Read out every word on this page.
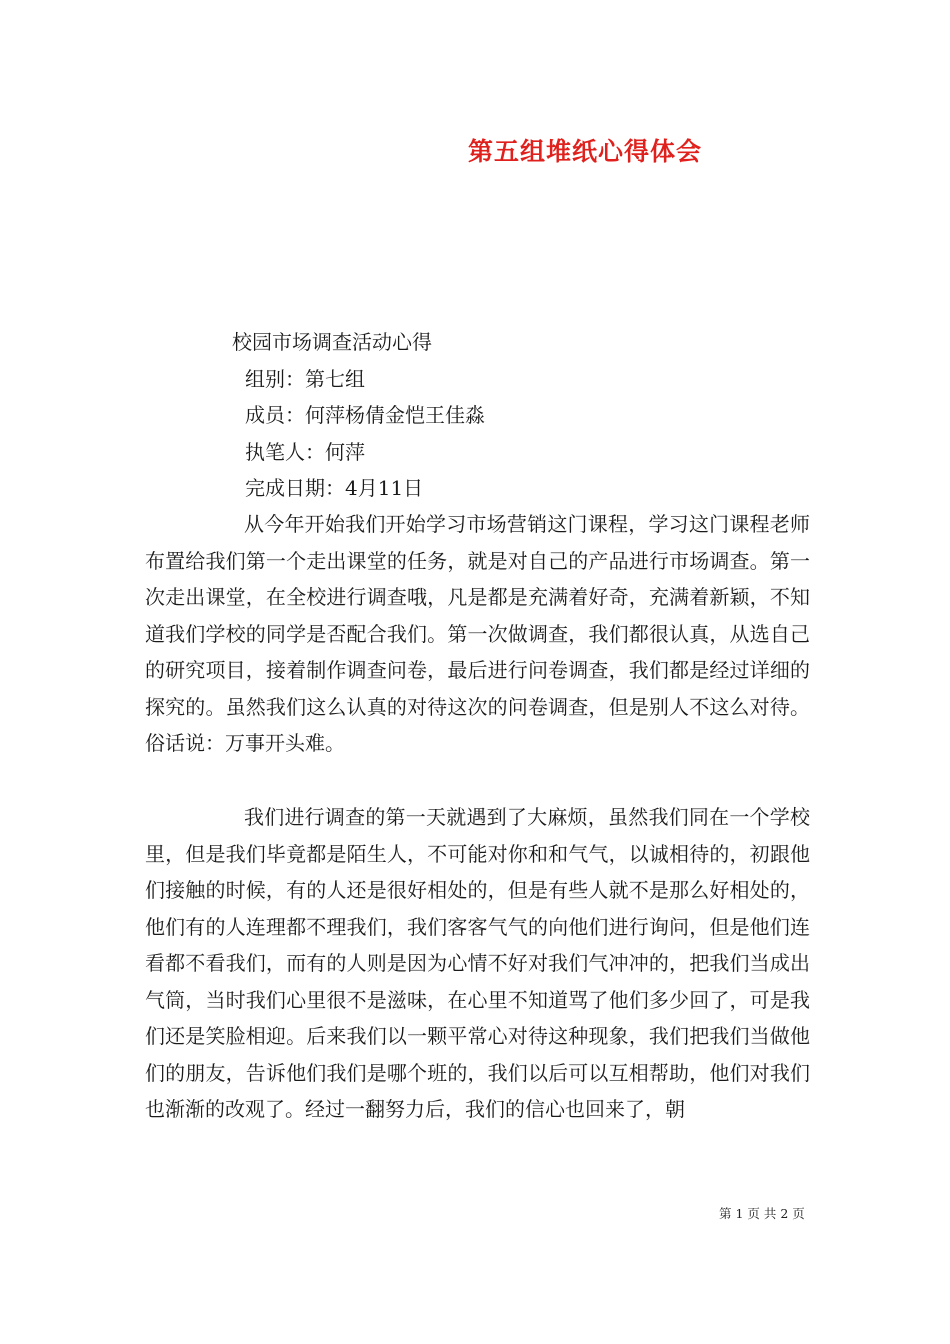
第五组堆纸心得体会
校园市场调查活动心得
组别：第七组
成员：何萍杨倩金恺王佳淼
执笔人：何萍
完成日期：4月11日

从今年开始我们开始学习市场营销这门课程，学习这门课程老师布置给我们第一个走出课堂的任务，就是对自己的产品进行市场调查。第一次走出课堂，在全校进行调查哦，凡是都是充满着好奇，充满着新颖，不知道我们学校的同学是否配合我们。第一次做调查，我们都很认真，从选自己的研究项目，接着制作调查问卷，最后进行问卷调查，我们都是经过详细的探究的。虽然我们这么认真的对待这次的问卷调查，但是别人不这么对待。俗话说：万事开头难。

我们进行调查的第一天就遇到了大麻烦，虽然我们同在一个学校里，但是我们毕竟都是陌生人，不可能对你和和气气，以诚相待的，初跟他们接触的时候，有的人还是很好相处的，但是有些人就不是那么好相处的，他们有的人连理都不理我们，我们客客气气的向他们进行询问，但是他们连看都不看我们，而有的人则是因为心情不好对我们气冲冲的，把我们当成出气筒，当时我们心里很不是滋味，在心里不知道骂了他们多少回了，可是我们还是笑脸相迎。后来我们以一颗平常心对待这种现象，我们把我们当做他们的朋友，告诉他们我们是哪个班的，我们以后可以互相帮助，他们对我们也渐渐的改观了。经过一翻努力后，我们的信心也回来了，朝

第 1 页 共 2 页
